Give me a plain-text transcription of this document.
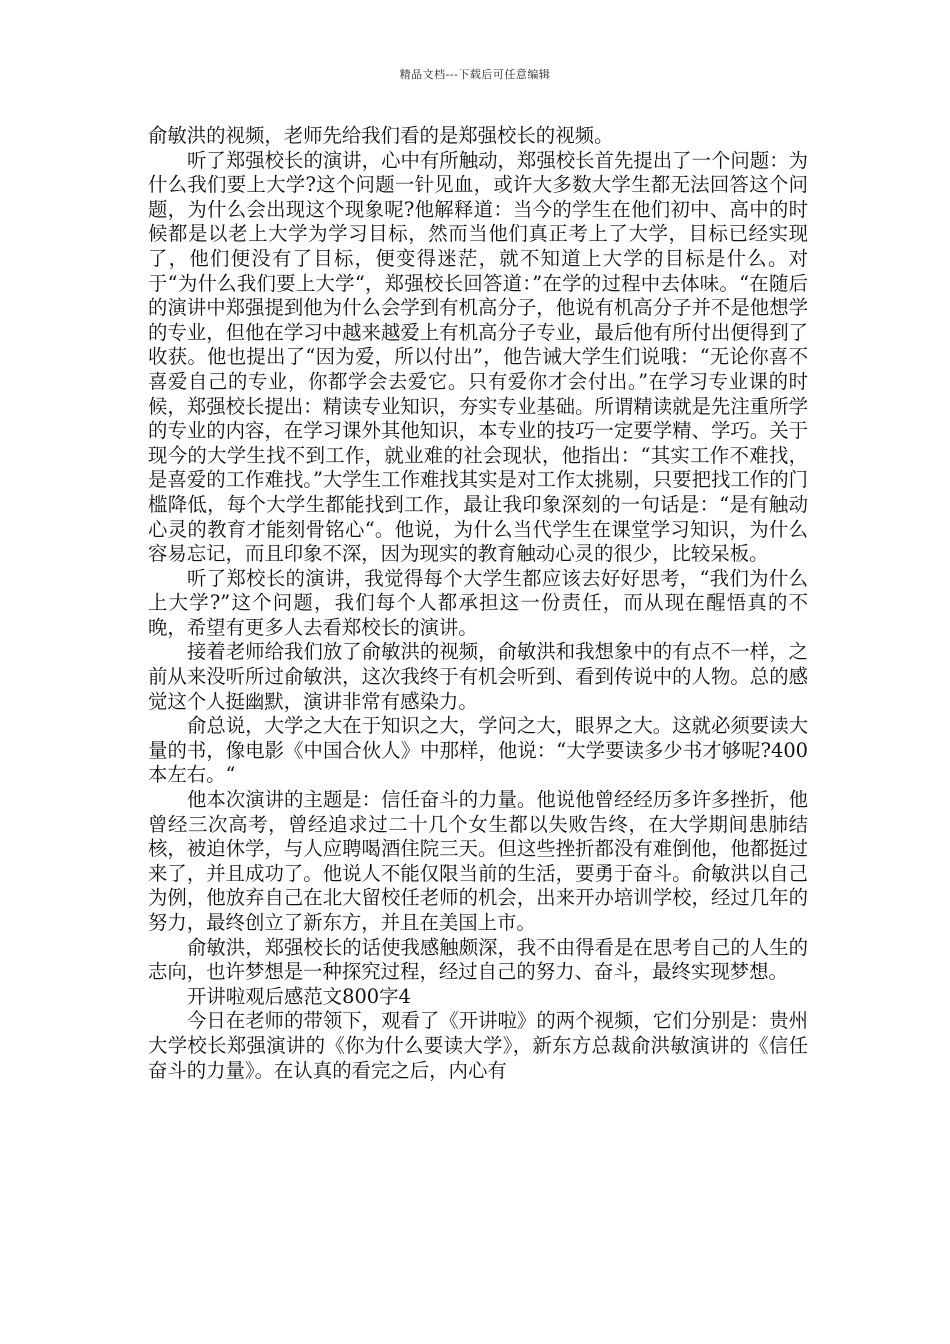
精品文档---下载后可任意编辑

俞敏洪的视频，老师先给我们看的是郑强校长的视频。

听了郑强校长的演讲，心中有所触动，郑强校长首先提出了一个问题：为什么我们要上大学?这个问题一针见血，或许大多数大学生都无法回答这个问题，为什么会出现这个现象呢?他解释道：当今的学生在他们初中、高中的时候都是以老上大学为学习目标，然而当他们真正考上了大学，目标已经实现了，他们便没有了目标，便变得迷茫，就不知道上大学的目标是什么。对于“为什么我们要上大学“，郑强校长回答道：”在学的过程中去体味。“在随后的演讲中郑强提到他为什么会学到有机高分子，他说有机高分子并不是他想学的专业，但他在学习中越来越爱上有机高分子专业，最后他有所付出便得到了收获。他也提出了“因为爱，所以付出”，他告诫大学生们说哦：“无论你喜不喜爱自己的专业，你都学会去爱它。只有爱你才会付出。”在学习专业课的时候，郑强校长提出：精读专业知识，夯实专业基础。所谓精读就是先注重所学的专业的内容，在学习课外其他知识，本专业的技巧一定要学精、学巧。关于现今的大学生找不到工作，就业难的社会现状，他指出：“其实工作不难找，是喜爱的工作难找。”大学生工作难找其实是对工作太挑剔，只要把找工作的门槛降低，每个大学生都能找到工作，最让我印象深刻的一句话是：“是有触动心灵的教育才能刻骨铭心“。他说，为什么当代学生在课堂学习知识，为什么容易忘记，而且印象不深，因为现实的教育触动心灵的很少，比较呆板。

听了郑校长的演讲，我觉得每个大学生都应该去好好思考，“我们为什么上大学?”这个问题，我们每个人都承担这一份责任，而从现在醒悟真的不晚，希望有更多人去看郑校长的演讲。

接着老师给我们放了俞敏洪的视频，俞敏洪和我想象中的有点不一样，之前从来没听所过俞敏洪，这次我终于有机会听到、看到传说中的人物。总的感觉这个人挺幽默，演讲非常有感染力。

俞总说，大学之大在于知识之大，学问之大，眼界之大。这就必须要读大量的书，像电影《中国合伙人》中那样，他说：“大学要读多少书才够呢?400本左右。“

他本次演讲的主题是：信任奋斗的力量。他说他曾经经历多许多挫折，他曾经三次高考，曾经追求过二十几个女生都以失败告终，在大学期间患肺结核，被迫休学，与人应聘喝酒住院三天。但这些挫折都没有难倒他，他都挺过来了，并且成功了。他说人不能仅限当前的生活，要勇于奋斗。俞敏洪以自己为例，他放弃自己在北大留校任老师的机会，出来开办培训学校，经过几年的努力，最终创立了新东方，并且在美国上市。

俞敏洪，郑强校长的话使我感触颇深，我不由得看是在思考自己的人生的志向，也许梦想是一种探究过程，经过自己的努力、奋斗，最终实现梦想。

开讲啦观后感范文800字4

今日在老师的带领下，观看了《开讲啦》的两个视频，它们分别是：贵州大学校长郑强演讲的《你为什么要读大学》，新东方总裁俞洪敏演讲的《信任奋斗的力量》。在认真的看完之后，内心有
